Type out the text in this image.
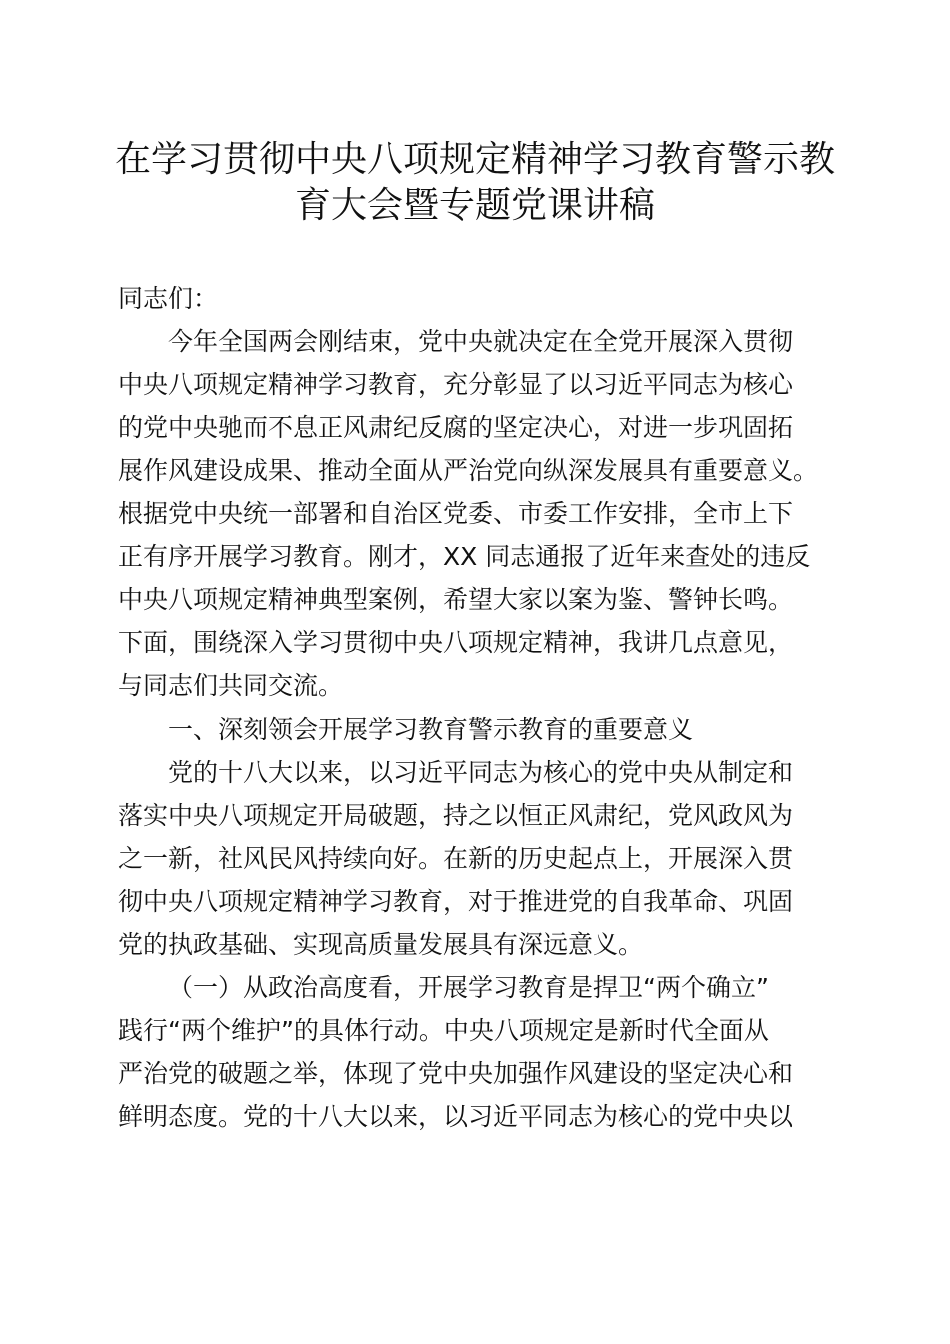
在学习贯彻中央八项规定精神学习教育警示教
育大会暨专题党课讲稿
同志们：
今年全国两会刚结束，党中央就决定在全党开展深入贯彻
中央八项规定精神学习教育，充分彰显了以习近平同志为核心
的党中央驰而不息正风肃纪反腐的坚定决心，对进一步巩固拓
展作风建设成果、推动全面从严治党向纵深发展具有重要意义。
根据党中央统一部署和自治区党委、市委工作安排，全市上下
正有序开展学习教育。刚才，XX 同志通报了近年来查处的违反
中央八项规定精神典型案例，希望大家以案为鉴、警钟长鸣。
下面，围绕深入学习贯彻中央八项规定精神，我讲几点意见，
与同志们共同交流。
一、深刻领会开展学习教育警示教育的重要意义
党的十八大以来，以习近平同志为核心的党中央从制定和
落实中央八项规定开局破题，持之以恒正风肃纪，党风政风为
之一新，社风民风持续向好。在新的历史起点上，开展深入贯
彻中央八项规定精神学习教育，对于推进党的自我革命、巩固
党的执政基础、实现高质量发展具有深远意义。
（一）从政治高度看，开展学习教育是捍卫“两个确立”
践行“两个维护”的具体行动。中央八项规定是新时代全面从
严治党的破题之举，体现了党中央加强作风建设的坚定决心和
鲜明态度。党的十八大以来，以习近平同志为核心的党中央以
